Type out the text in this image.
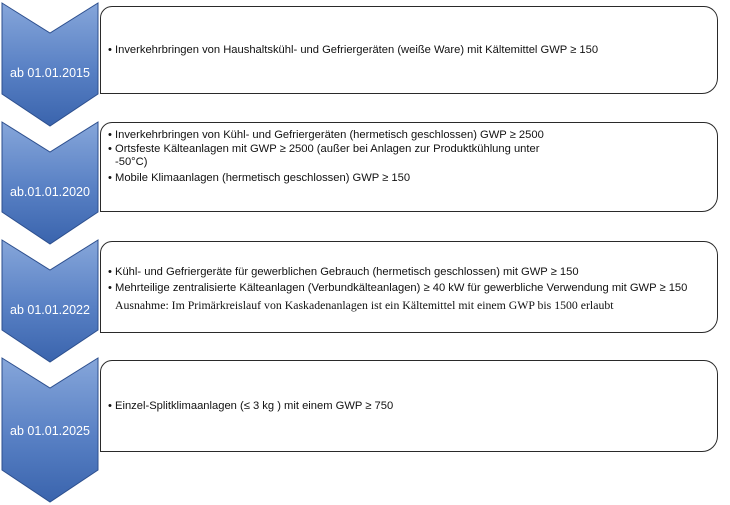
ab 01.01.2015
ab.01.01.2020
ab 01.01.2022
ab 01.01.2025
• Inverkehrbringen von Haushaltskühl- und Gefriergeräten (weiße Ware) mit Kältemittel GWP ≥ 150
• Inverkehrbringen von Kühl- und Gefriergeräten (hermetisch geschlossen) GWP ≥ 2500
• Ortsfeste Kälteanlagen mit GWP ≥ 2500 (außer bei Anlagen zur Produktkühlung unter -50°C)
• Mobile Klimaanlagen (hermetisch geschlossen) GWP ≥ 150
• Kühl- und Gefriergeräte für gewerblichen Gebrauch (hermetisch geschlossen) mit GWP ≥ 150
• Mehrteilige zentralisierte Kälteanlagen (Verbundkälteanlagen) ≥ 40 kW für gewerbliche Verwendung mit GWP ≥ 150
Ausnahme: Im Primärkreislauf von Kaskadenanlagen ist ein Kältemittel mit einem GWP bis 1500 erlaubt
• Einzel-Splitklimaanlagen (≤ 3 kg ) mit einem GWP ≥ 750
